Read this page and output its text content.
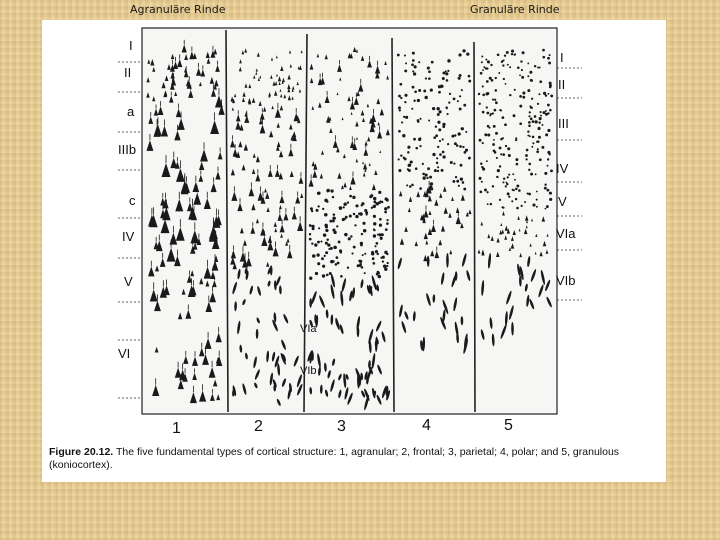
Agranuläre Rinde	Granuläre Rinde
I
II
a
IIIb
c
IV
V
VI
I
II
III
IV
V
VIa
VIb
VIa
VIb
1	2	3	4	5
Figure 20.12. The five fundamental types of cortical structure: 1, agranular; 2, frontal; 3, parietal; 4, polar; and 5, granulous (koniocortex).
